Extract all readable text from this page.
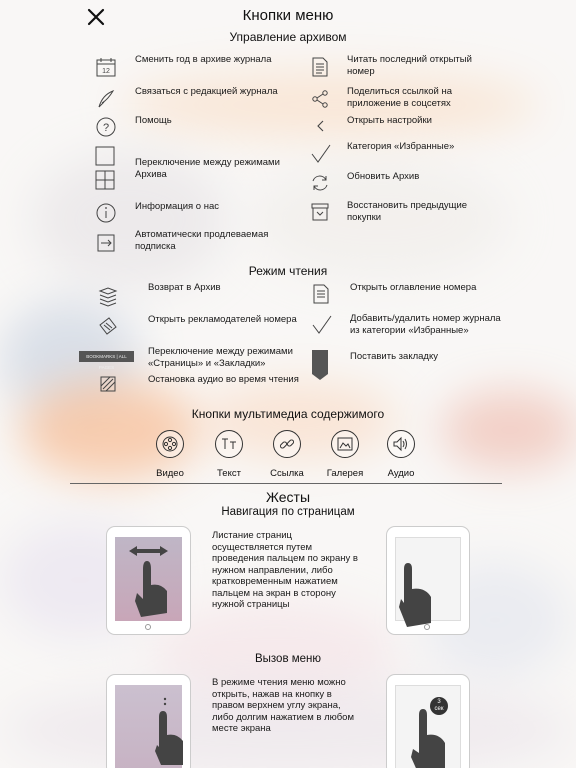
Кнопки меню
Управление архивом
12
Сменить год в архиве журнала
Связаться с редакцией журнала
?
Помощь
Переключение между режимами Архива
Информация о нас
Автоматически продлеваемая подписка
Читать последний открытый номер
Поделиться ссылкой на приложение в соцсетях
Открыть настройки
Категория «Избранные»
Обновить Архив
Восстановить предыдущие покупки
Режим чтения
Возврат в Архив
Открыть рекламодателей номера
BOOKMARKS | ALL PAGES
Переключение между режимами «Страницы» и «Закладки»
Остановка аудио во время чтения
Открыть оглавление номера
Добавить/удалить номер журнала из категории «Избранные»
Поставить закладку
Кнопки мультимедиа содержимого
Видео	Текст	Ссылка	Галерея	Аудио
Жесты
Навигация по страницам
Листание страниц осуществляется путем проведения пальцем по экрану в нужном направлении, либо кратковременным нажатием пальцем на экран в сторону нужной страницы
Вызов меню
В режиме чтения меню можно открыть, нажав на кнопку в правом верхнем углу экрана, либо долгим нажатием в любом месте экрана
3
сек
